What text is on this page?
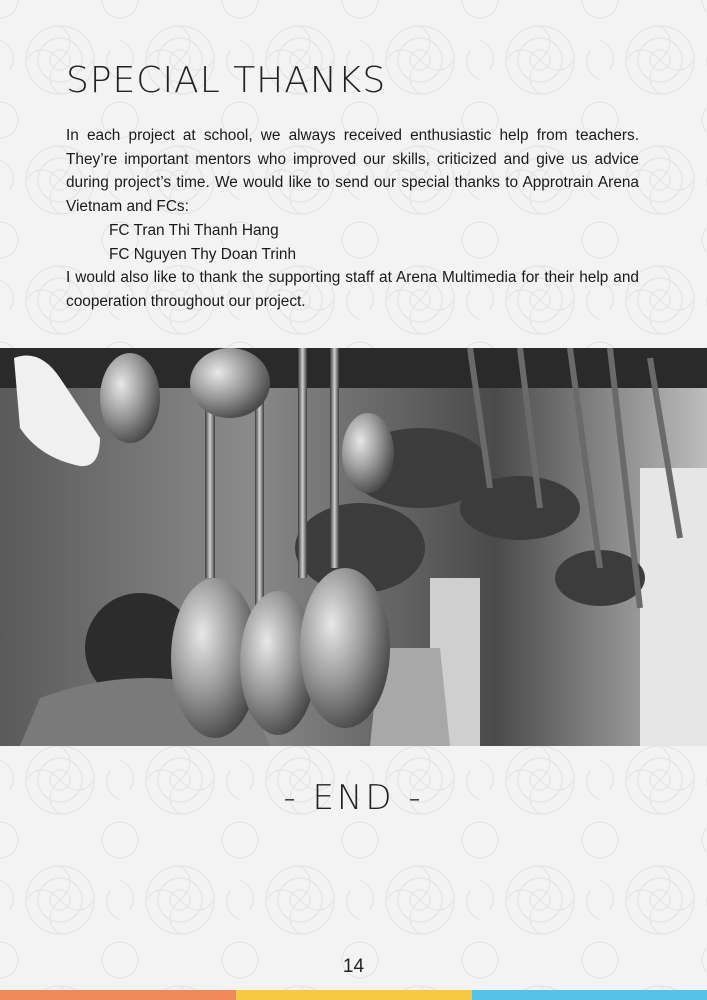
SPECIAL THANKS

In each project at school, we always received enthusiastic help from teachers. They’re important mentors who improved our skills, criticized and give us advice during project’s time. We would like to send our special thanks to Approtrain Arena Vietnam and FCs:

FC Tran Thi Thanh Hang

FC Nguyen Thy Doan Trinh

I would also like to thank the supporting staff at Arena Multimedia for their help and cooperation throughout our project.

- END -
14
